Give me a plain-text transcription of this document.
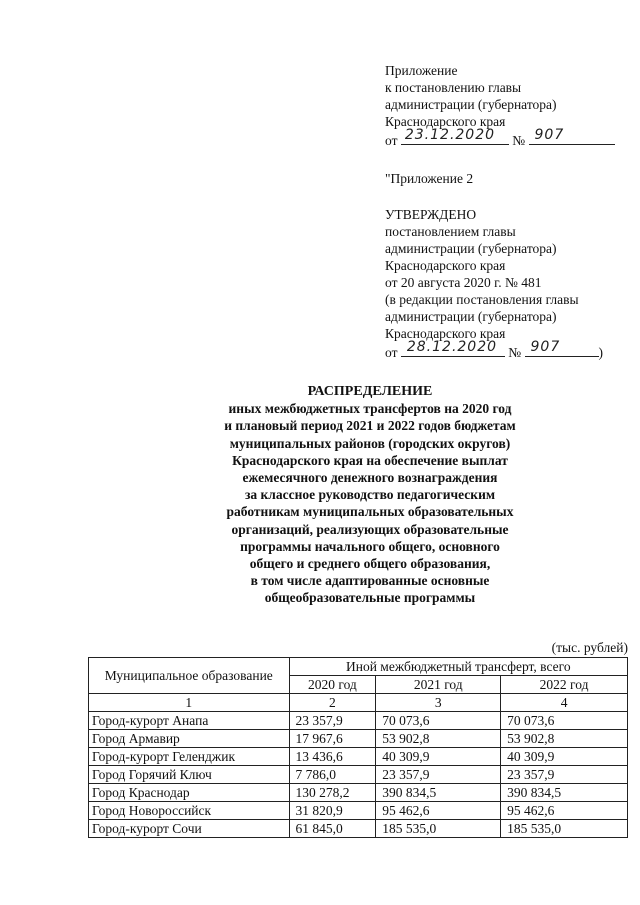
Приложение
к постановлению главы
администрации (губернатора)
Краснодарского края
от 23.12.2020 № 907
"Приложение 2
УТВЕРЖДЕНО
постановлением главы
администрации (губернатора)
Краснодарского края
от 20 августа 2020 г. № 481
(в редакции постановления главы
администрации (губернатора)
Краснодарского края
от 28.12.2020 № 907	)
РАСПРЕДЕЛЕНИЕ
иных межбюджетных трансфертов на 2020 год
и плановый период 2021 и 2022 годов бюджетам
муниципальных районов (городских округов)
Краснодарского края на обеспечение выплат
ежемесячного денежного вознаграждения
за классное руководство педагогическим
работникам муниципальных образовательных
организаций, реализующих образовательные
программы начального общего, основного
общего и среднего общего образования,
в том числе адаптированные основные
общеобразовательные программы
(тыс. рублей)
Муниципальное образование	Иной межбюджетный трансферт, всего		
	2020 год	2021 год	2022 год
1	2	3	4
Город-курорт Анапа	23 357,9	70 073,6	70 073,6
Город Армавир	17 967,6	53 902,8	53 902,8
Город-курорт Геленджик	13 436,6	40 309,9	40 309,9
Город Горячий Ключ	7 786,0	23 357,9	23 357,9
Город Краснодар	130 278,2	390 834,5	390 834,5
Город Новороссийск	31 820,9	95 462,6	95 462,6
Город-курорт Сочи	61 845,0	185 535,0	185 535,0
